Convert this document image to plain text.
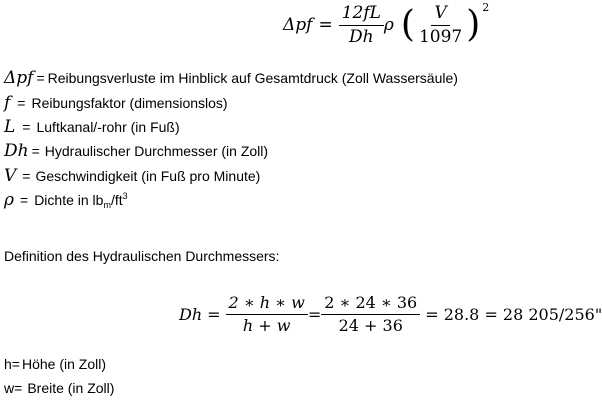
$\Delta pf = \frac{12fL}{Dh}$ ρ ( $\frac{V}{1097}$ ) 2
Δpf = Reibungsverluste im Hinblick auf Gesamtdruck (Zoll Wassersäule)
f = Reibungsfaktor (dimensionslos)
L = Luftkanal/-rohr (in Fuß)
Dh = Hydraulischer Durchmesser (in Zoll)
V = Geschwindigkeit (in Fuß pro Minute)
ρ = Dichte in $lb_m/ft^3$
Definition des Hydraulischen Durchmessers:
$Dh = \frac{2 ∗ h ∗ w}{h + w} = \frac{2 ∗ 24 ∗ 36}{24 + 36} = 28.8 = 28$ 205/256"
h = Höhe (in Zoll)
w = Breite (in Zoll)
